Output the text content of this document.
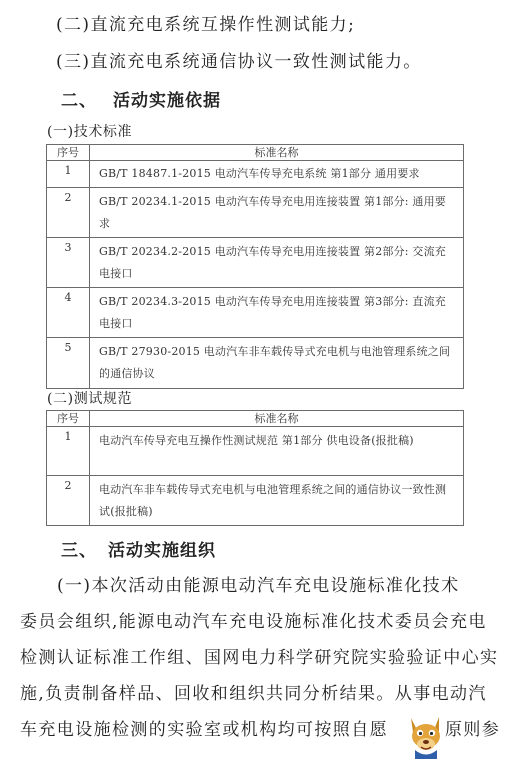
(二)直流充电系统互操作性测试能力;
(三)直流充电系统通信协议一致性测试能力。
二、 活动实施依据
(一)技术标准
序号	标准名称
1	GB/T 18487.1-2015 电动汽车传导充电系统 第1部分 通用要求
2	GB/T 20234.1-2015 电动汽车传导充电用连接装置 第1部分: 通用要求
3	GB/T 20234.2-2015 电动汽车传导充电用连接装置 第2部分: 交流充电接口
4	GB/T 20234.3-2015 电动汽车传导充电用连接装置 第3部分: 直流充电接口
5	GB/T 27930-2015 电动汽车非车载传导式充电机与电池管理系统之间的通信协议
(二)测试规范
序号	标准名称
1	电动汽车传导充电互操作性测试规范 第1部分 供电设备(报批稿)
2	电动汽车非车载传导式充电机与电池管理系统之间的通信协议一致性测试(报批稿)
三、 活动实施组织
(一)本次活动由能源电动汽车充电设施标准化技术
委员会组织,能源电动汽车充电设施标准化技术委员会充电
检测认证标准工作组、国网电力科学研究院实验验证中心实
施,负责制备样品、回收和组织共同分析结果。从事电动汽
车充电设施检测的实验室或机构均可按照自愿	原则参
